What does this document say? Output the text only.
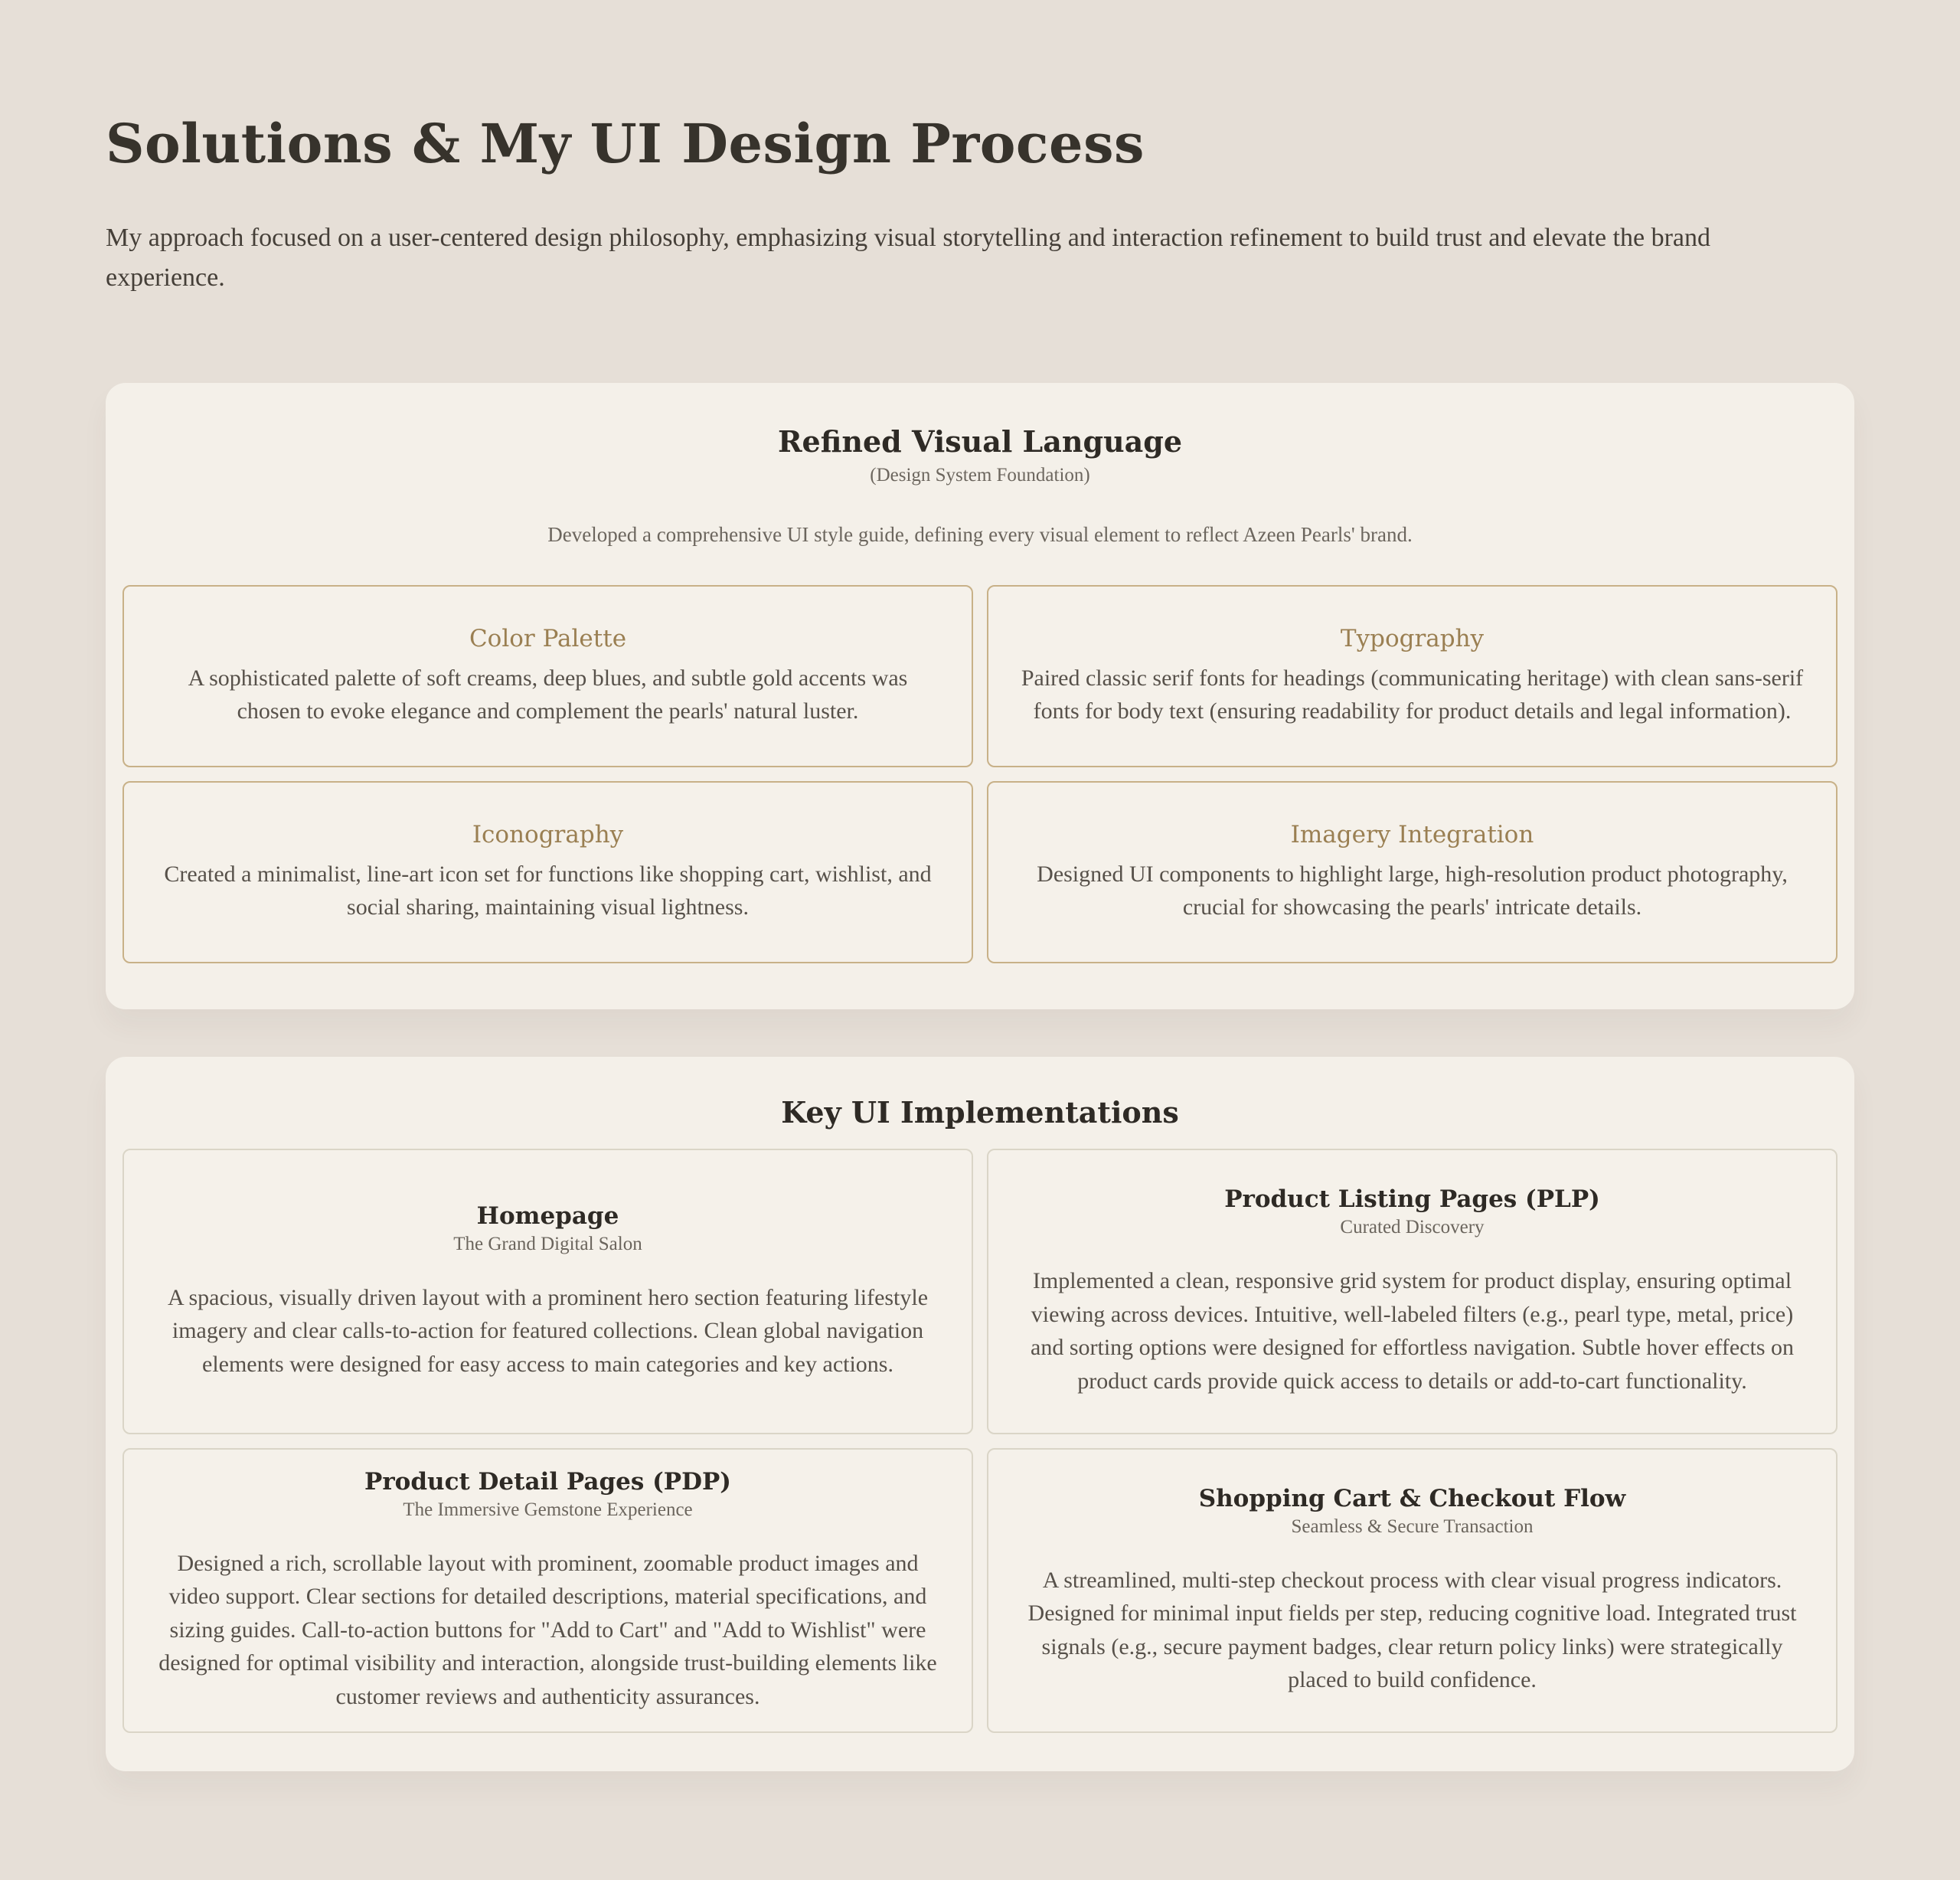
Solutions & My UI Design Process

My approach focused on a user-centered design philosophy, emphasizing visual storytelling and interaction refinement to build trust and elevate the brand experience.

Refined Visual Language
(Design System Foundation)

Developed a comprehensive UI style guide, defining every visual element to reflect Azeen Pearls' brand.

Color Palette

A sophisticated palette of soft creams, deep blues, and subtle gold accents was chosen to evoke elegance and complement the pearls' natural luster.

Typography

Paired classic serif fonts for headings (communicating heritage) with clean sans-serif fonts for body text (ensuring readability for product details and legal information).

Iconography

Created a minimalist, line-art icon set for functions like shopping cart, wishlist, and social sharing, maintaining visual lightness.

Imagery Integration

Designed UI components to highlight large, high-resolution product photography, crucial for showcasing the pearls' intricate details.

Key UI Implementations
Homepage
The Grand Digital Salon

A spacious, visually driven layout with a prominent hero section featuring lifestyle imagery and clear calls-to-action for featured collections. Clean global navigation elements were designed for easy access to main categories and key actions.

Product Listing Pages (PLP)
Curated Discovery

Implemented a clean, responsive grid system for product display, ensuring optimal viewing across devices. Intuitive, well-labeled filters (e.g., pearl type, metal, price) and sorting options were designed for effortless navigation. Subtle hover effects on product cards provide quick access to details or add-to-cart functionality.

Product Detail Pages (PDP)
The Immersive Gemstone Experience

Designed a rich, scrollable layout with prominent, zoomable product images and video support. Clear sections for detailed descriptions, material specifications, and sizing guides. Call-to-action buttons for "Add to Cart" and "Add to Wishlist" were designed for optimal visibility and interaction, alongside trust-building elements like customer reviews and authenticity assurances.

Shopping Cart & Checkout Flow
Seamless & Secure Transaction

A streamlined, multi-step checkout process with clear visual progress indicators. Designed for minimal input fields per step, reducing cognitive load. Integrated trust signals (e.g., secure payment badges, clear return policy links) were strategically placed to build confidence.
